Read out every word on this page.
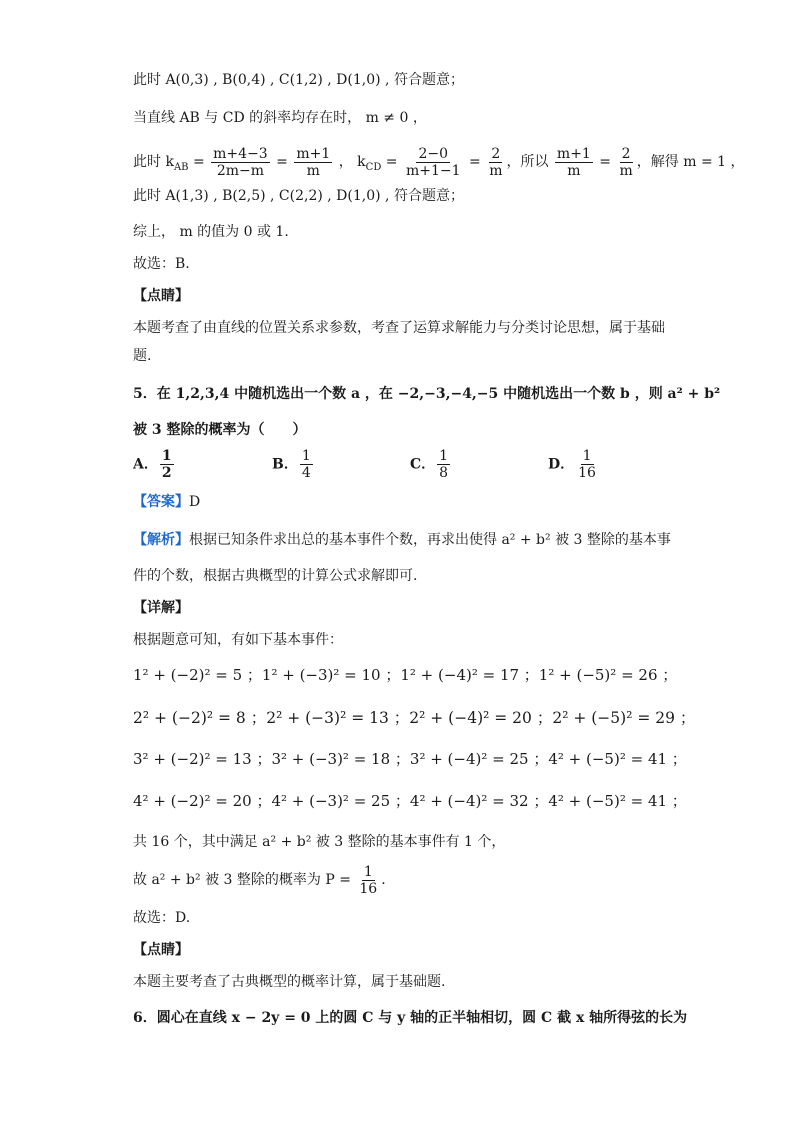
此时 A(0,3) , B(0,4) , C(1,2) , D(1,0) , 符合题意；
当直线 AB 与 CD 的斜率均存在时， m ≠ 0 ，
此时 $k_{AB} = \frac{m+4-3}{2m-m} = \frac{m+1}{m}$ ， $k_{CD} = \frac{2-0}{m+1-1} = \frac{2}{m}$ ，所以 $\frac{m+1}{m} = \frac{2}{m}$ ，解得 m = 1 ，
此时 A(1,3) , B(2,5) , C(2,2) , D(1,0) , 符合题意；
综上， m 的值为 0 或 1.
故选：B.
【点睛】
本题考查了由直线的位置关系求参数，考查了运算求解能力与分类讨论思想，属于基础
题.
5．在 1,2,3,4 中随机选出一个数 a ，在 −2,−3,−4,−5 中随机选出一个数 b ，则 a² + b²
被 3 整除的概率为（　　）
A． $\frac{1}{2}$	B． $\frac{1}{4}$	C． $\frac{1}{8}$	D． $\frac{1}{16}$
【答案】D
【解析】根据已知条件求出总的基本事件个数，再求出使得 a² + b² 被 3 整除的基本事
件的个数，根据古典概型的计算公式求解即可.
【详解】
根据题意可知，有如下基本事件：
1² + (−2)² = 5 ；1² + (−3)² = 10 ；1² + (−4)² = 17 ；1² + (−5)² = 26 ；
2² + (−2)² = 8 ；2² + (−3)² = 13 ；2² + (−4)² = 20 ；2² + (−5)² = 29 ；
3² + (−2)² = 13 ；3² + (−3)² = 18 ；3² + (−4)² = 25 ；4² + (−5)² = 41 ；
4² + (−2)² = 20 ；4² + (−3)² = 25 ；4² + (−4)² = 32 ；4² + (−5)² = 41 ；
共 16 个，其中满足 a² + b² 被 3 整除的基本事件有 1 个，
故 a² + b² 被 3 整除的概率为 $P = \frac{1}{16}$ .
故选：D.
【点睛】
本题主要考查了古典概型的概率计算，属于基础题.
6．圆心在直线 x − 2y = 0 上的圆 C 与 y 轴的正半轴相切，圆 C 截 x 轴所得弦的长为
